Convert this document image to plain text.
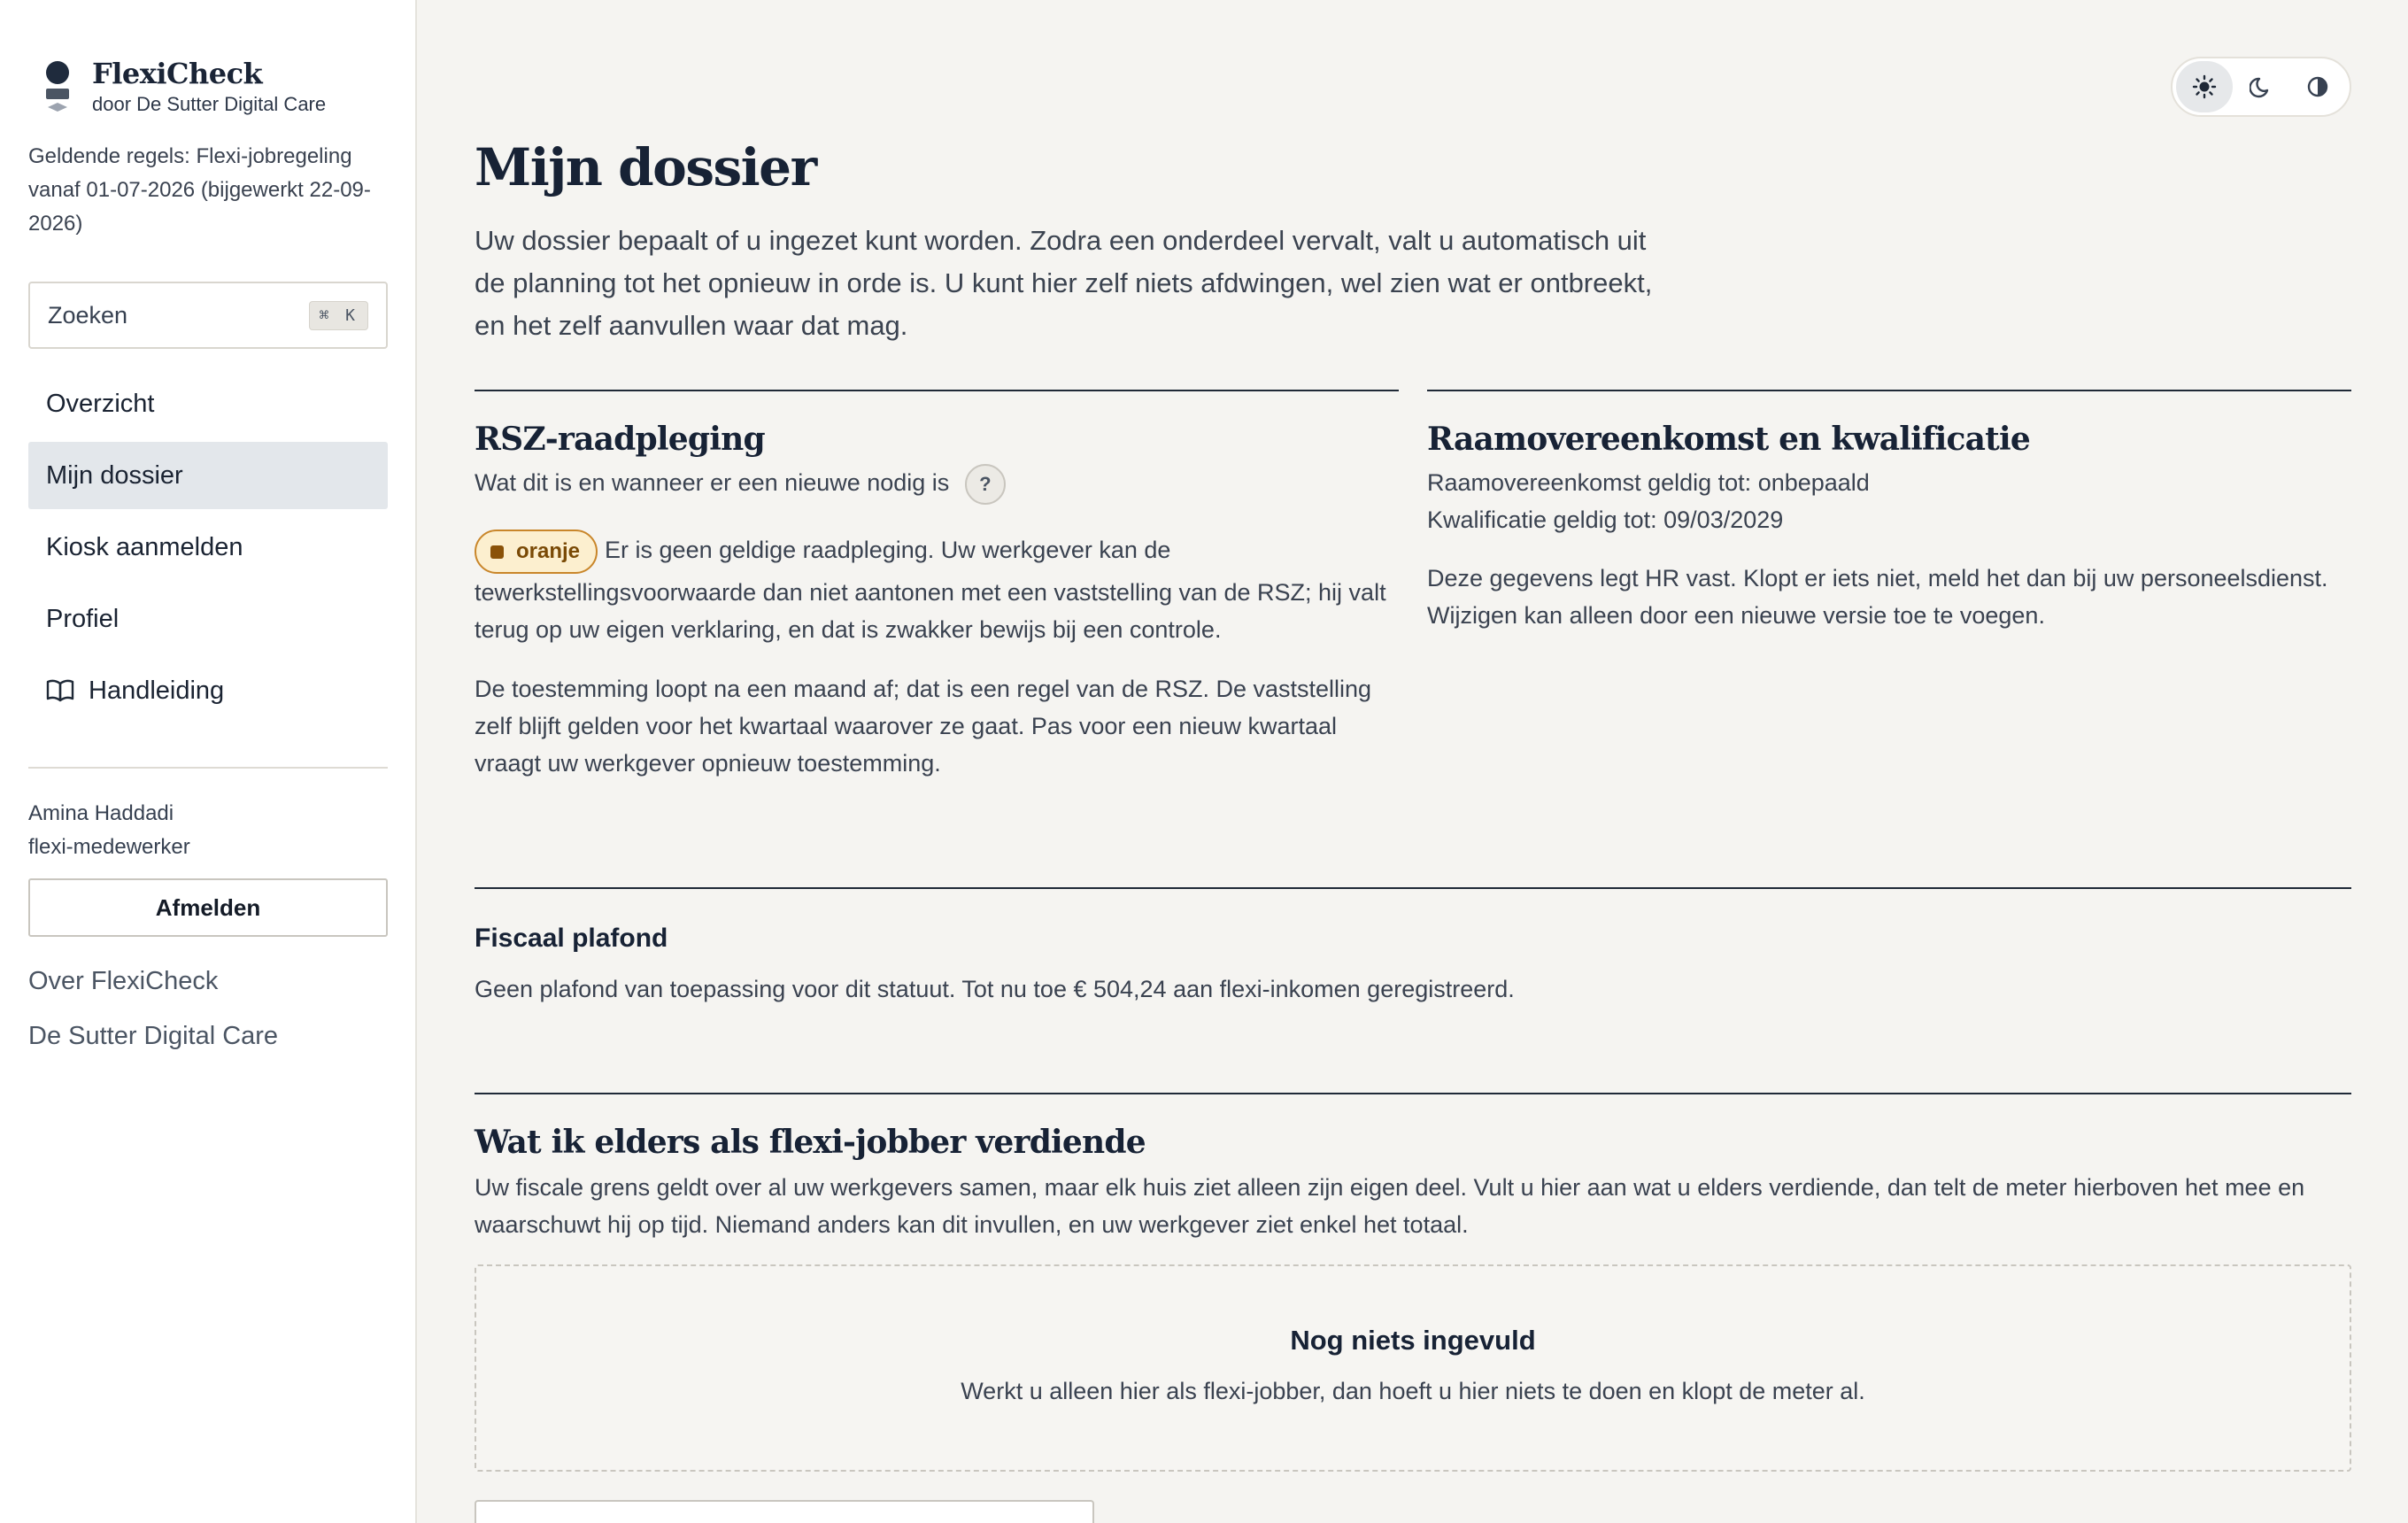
FlexiCheck
door De Sutter Digital Care
Geldende regels: Flexi-jobregeling vanaf 01-07-2026 (bijgewerkt 22-09-2026)
Zoeken	⌘ K
Overzicht
Mijn dossier
Kiosk aanmelden
Profiel
Handleiding
Amina Haddadi
flexi-medewerker
Afmelden
Over FlexiCheck
De Sutter Digital Care
Mijn dossier

Uw dossier bepaalt of u ingezet kunt worden. Zodra een onderdeel vervalt, valt u automatisch uit de planning tot het opnieuw in orde is. U kunt hier zelf niets afdwingen, wel zien wat er ontbreekt, en het zelf aanvullen waar dat mag.

RSZ-raadpleging
Wat dit is en wanneer er een nieuwe nodig is ?

oranje Er is geen geldige raadpleging. Uw werkgever kan de tewerkstellingsvoorwaarde dan niet aantonen met een vaststelling van de RSZ; hij valt terug op uw eigen verklaring, en dat is zwakker bewijs bij een controle.

De toestemming loopt na een maand af; dat is een regel van de RSZ. De vaststelling zelf blijft gelden voor het kwartaal waarover ze gaat. Pas voor een nieuw kwartaal vraagt uw werkgever opnieuw toestemming.

Raamovereenkomst en kwalificatie

Raamovereenkomst geldig tot: onbepaald

Kwalificatie geldig tot: 09/03/2029

Deze gegevens legt HR vast. Klopt er iets niet, meld het dan bij uw personeelsdienst. Wijzigen kan alleen door een nieuwe versie toe te voegen.

Fiscaal plafond

Geen plafond van toepassing voor dit statuut. Tot nu toe € 504,24 aan flexi-inkomen geregistreerd.

Wat ik elders als flexi-jobber verdiende

Uw fiscale grens geldt over al uw werkgevers samen, maar elk huis ziet alleen zijn eigen deel. Vult u hier aan wat u elders verdiende, dan telt de meter hierboven het mee en waarschuwt hij op tijd. Niemand anders kan dit invullen, en uw werkgever ziet enkel het totaal.

Nog niets ingevuld
Werkt u alleen hier als flexi-jobber, dan hoeft u hier niets te doen en klopt de meter al.
